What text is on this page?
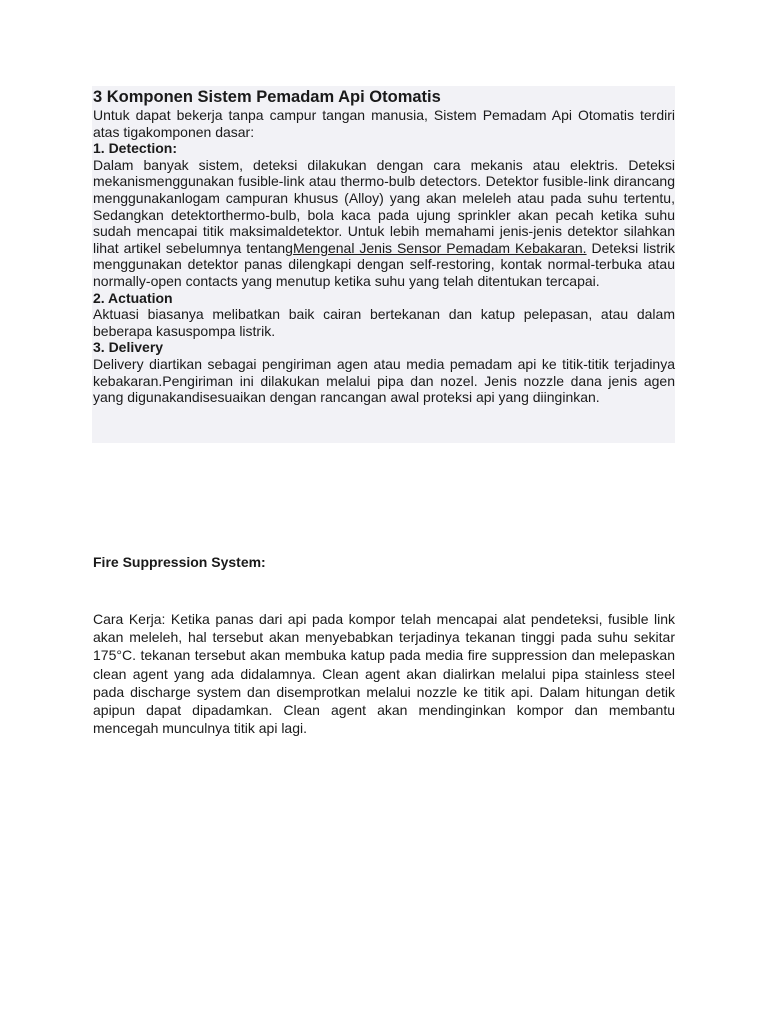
3 Komponen Sistem Pemadam Api Otomatis

Untuk dapat bekerja tanpa campur tangan manusia, Sistem Pemadam Api Otomatis terdiri atas tigakomponen dasar:

1. Detection:

Dalam banyak sistem, deteksi dilakukan dengan cara mekanis atau elektris. Deteksi mekanismenggunakan fusible-link atau thermo-bulb detectors. Detektor fusible-link dirancang menggunakanlogam campuran khusus (Alloy) yang akan meleleh atau pada suhu tertentu, Sedangkan detektorthermo-bulb, bola kaca pada ujung sprinkler akan pecah ketika suhu sudah mencapai titik maksimaldetektor. Untuk lebih memahami jenis-jenis detektor silahkan lihat artikel sebelumnya tentangMengenal Jenis Sensor Pemadam Kebakaran. Deteksi listrik menggunakan detektor panas dilengkapi dengan self-restoring, kontak normal-terbuka atau normally-open contacts yang menutup ketika suhu yang telah ditentukan tercapai.

2. Actuation

Aktuasi biasanya melibatkan baik cairan bertekanan dan katup pelepasan, atau dalam beberapa kasuspompa listrik.

3. Delivery

Delivery diartikan sebagai pengiriman agen atau media pemadam api ke titik-titik terjadinya kebakaran.Pengiriman ini dilakukan melalui pipa dan nozel. Jenis nozzle dana jenis agen yang digunakandisesuaikan dengan rancangan awal proteksi api yang diinginkan.

Fire Suppression System:

Cara Kerja: Ketika panas dari api pada kompor telah mencapai alat pendeteksi, fusible link akan meleleh, hal tersebut akan menyebabkan terjadinya tekanan tinggi pada suhu sekitar 175°C. tekanan tersebut akan membuka katup pada media fire suppression dan melepaskan clean agent yang ada didalamnya. Clean agent akan dialirkan melalui pipa stainless steel pada discharge system dan disemprotkan melalui nozzle ke titik api. Dalam hitungan detik apipun dapat dipadamkan. Clean agent akan mendinginkan kompor dan membantu mencegah munculnya titik api lagi.
